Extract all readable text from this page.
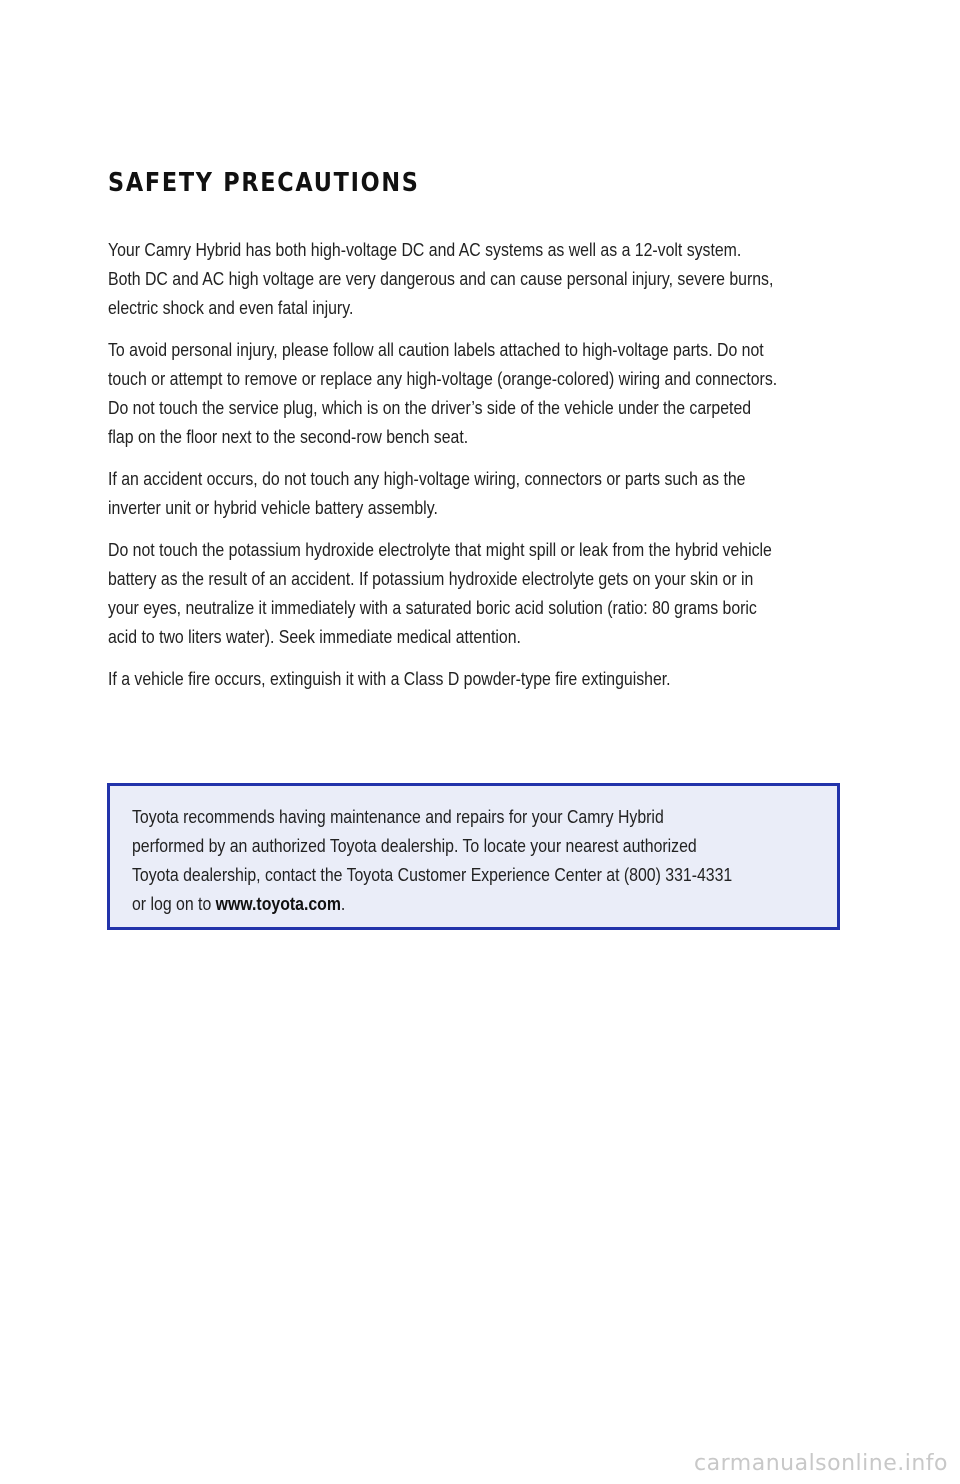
SAFETY PRECAUTIONS

Your Camry Hybrid has both high-voltage DC and AC systems as well as a 12-volt system.
Both DC and AC high voltage are very dangerous and can cause personal injury, severe burns,
electric shock and even fatal injury.

To avoid personal injury, please follow all caution labels attached to high-voltage parts. Do not
touch or attempt to remove or replace any high-voltage (orange-colored) wiring and connectors.
Do not touch the service plug, which is on the driver’s side of the vehicle under the carpeted
flap on the floor next to the second-row bench seat.

If an accident occurs, do not touch any high-voltage wiring, connectors or parts such as the
inverter unit or hybrid vehicle battery assembly.

Do not touch the potassium hydroxide electrolyte that might spill or leak from the hybrid vehicle
battery as the result of an accident. If potassium hydroxide electrolyte gets on your skin or in
your eyes, neutralize it immediately with a saturated boric acid solution (ratio: 80 grams boric
acid to two liters water). Seek immediate medical attention.

If a vehicle fire occurs, extinguish it with a Class D powder-type fire extinguisher.

Toyota recommends having maintenance and repairs for your Camry Hybrid
performed by an authorized Toyota dealership. To locate your nearest authorized
Toyota dealership, contact the Toyota Customer Experience Center at (800) 331-4331
or log on to www.toyota.com.

carmanualsonline.info
